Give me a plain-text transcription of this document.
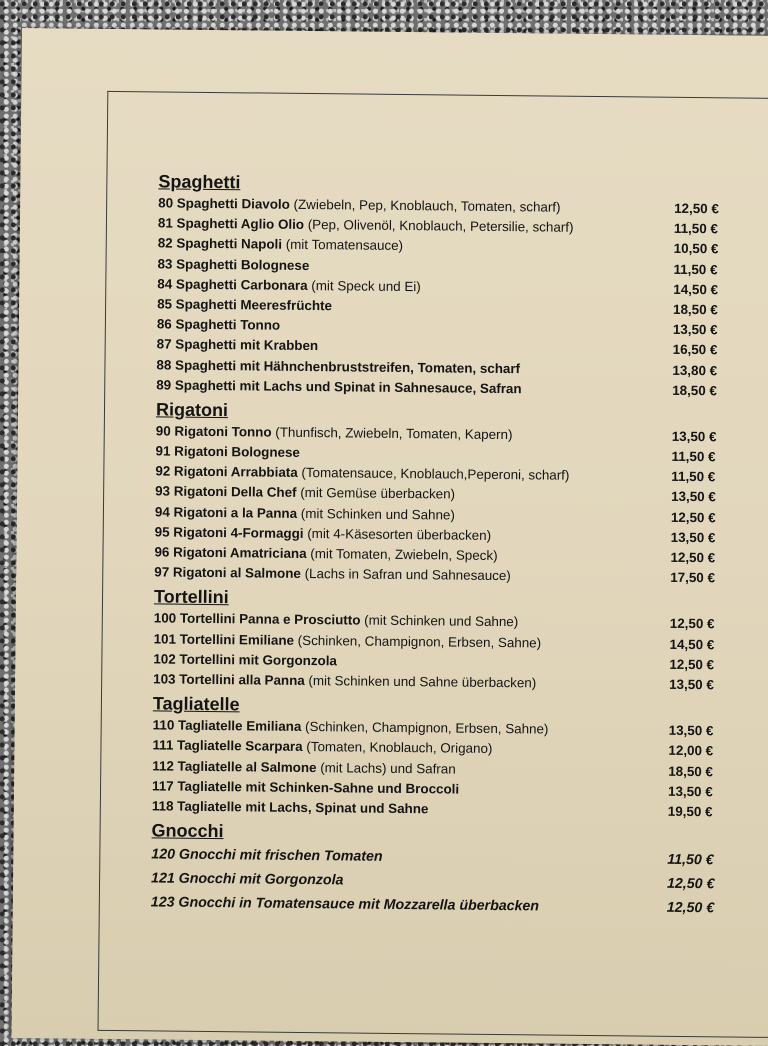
Spaghetti
80 Spaghetti Diavolo (Zwiebeln, Pep, Knoblauch, Tomaten, scharf)	12,50 €
81 Spaghetti Aglio Olio (Pep, Olivenöl, Knoblauch, Petersilie, scharf)	11,50 €
82 Spaghetti Napoli (mit Tomatensauce)	10,50 €
83 Spaghetti Bolognese	11,50 €
84 Spaghetti Carbonara (mit Speck und Ei)	14,50 €
85 Spaghetti Meeresfrüchte	18,50 €
86 Spaghetti Tonno	13,50 €
87 Spaghetti mit Krabben	16,50 €
88 Spaghetti mit Hähnchenbruststreifen, Tomaten, scharf	13,80 €
89 Spaghetti mit Lachs und Spinat in Sahnesauce, Safran	18,50 €
Rigatoni
90 Rigatoni Tonno (Thunfisch, Zwiebeln, Tomaten, Kapern)	13,50 €
91 Rigatoni Bolognese	11,50 €
92 Rigatoni Arrabbiata (Tomatensauce, Knoblauch,Peperoni, scharf)	11,50 €
93 Rigatoni Della Chef (mit Gemüse überbacken)	13,50 €
94 Rigatoni a la Panna (mit Schinken und Sahne)	12,50 €
95 Rigatoni 4-Formaggi (mit 4-Käsesorten überbacken)	13,50 €
96 Rigatoni Amatriciana (mit Tomaten, Zwiebeln, Speck)	12,50 €
97 Rigatoni al Salmone (Lachs in Safran und Sahnesauce)	17,50 €
Tortellini
100 Tortellini Panna e Prosciutto (mit Schinken und Sahne)	12,50 €
101 Tortellini Emiliane (Schinken, Champignon, Erbsen, Sahne)	14,50 €
102 Tortellini mit Gorgonzola	12,50 €
103 Tortellini alla Panna (mit Schinken und Sahne überbacken)	13,50 €
Tagliatelle
110 Tagliatelle Emiliana (Schinken, Champignon, Erbsen, Sahne)	13,50 €
111 Tagliatelle Scarpara (Tomaten, Knoblauch, Origano)	12,00 €
112 Tagliatelle al Salmone (mit Lachs) und Safran	18,50 €
117 Tagliatelle mit Schinken-Sahne und Broccoli	13,50 €
118 Tagliatelle mit Lachs, Spinat und Sahne	19,50 €
Gnocchi
120 Gnocchi mit frischen Tomaten	11,50 €
121 Gnocchi mit Gorgonzola	12,50 €
123 Gnocchi in Tomatensauce mit Mozzarella überbacken	12,50 €
